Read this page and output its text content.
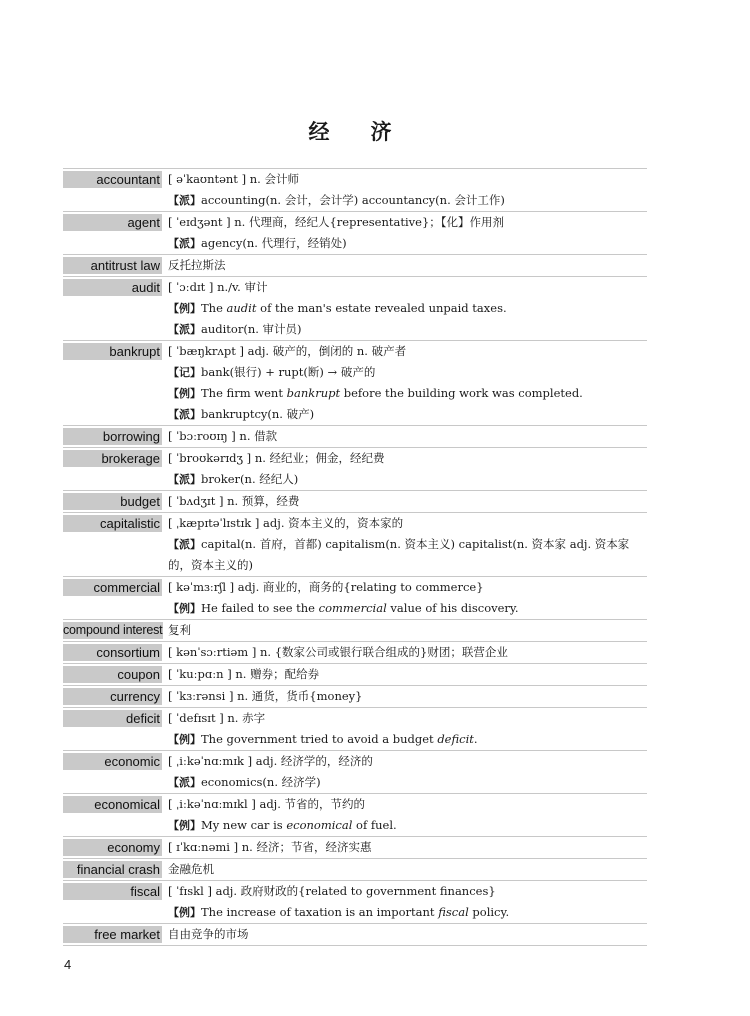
经　济
accountant [ əˈkaʊntənt ] n. 会计师
【派】accounting(n. 会计，会计学) accountancy(n. 会计工作)
agent [ ˈeɪdʒənt ] n. 代理商，经纪人{representative}；【化】作用剂
【派】agency(n. 代理行，经销处)
antitrust law 反托拉斯法
audit [ ˈɔːdɪt ] n./v. 审计
【例】The audit of the man's estate revealed unpaid taxes.
【派】auditor(n. 审计员)
bankrupt [ ˈbæŋkrʌpt ] adj. 破产的，倒闭的 n. 破产者
【记】bank(银行) + rupt(断) → 破产的
【例】The firm went bankrupt before the building work was completed.
【派】bankruptcy(n. 破产)
borrowing [ ˈbɔːroʊɪŋ ] n. 借款
brokerage [ ˈbroʊkərɪdʒ ] n. 经纪业；佣金，经纪费
【派】broker(n. 经纪人)
budget [ ˈbʌdʒɪt ] n. 预算，经费
capitalistic [ ˌkæpɪtəˈlɪstɪk ] adj. 资本主义的，资本家的
【派】capital(n. 首府，首都) capitalism(n. 资本主义) capitalist(n. 资本家 adj. 资本家的，资本主义的)
commercial [ kəˈmɜːrʃl ] adj. 商业的，商务的{relating to commerce}
【例】He failed to see the commercial value of his discovery.
compound interest 复利
consortium [ kənˈsɔːrtiəm ] n. {数家公司或银行联合组成的}财团；联营企业
coupon [ ˈkuːpɑːn ] n. 赠券；配给券
currency [ ˈkɜːrənsi ] n. 通货，货币{money}
deficit [ ˈdefɪsɪt ] n. 赤字
【例】The government tried to avoid a budget deficit.
economic [ ˌiːkəˈnɑːmɪk ] adj. 经济学的，经济的
【派】economics(n. 经济学)
economical [ ˌiːkəˈnɑːmɪkl ] adj. 节省的，节约的
【例】My new car is economical of fuel.
economy [ ɪˈkɑːnəmi ] n. 经济；节省，经济实惠
financial crash 金融危机
fiscal [ ˈfɪskl ] adj. 政府财政的{related to government finances}
【例】The increase of taxation is an important fiscal policy.
free market 自由竞争的市场
4
